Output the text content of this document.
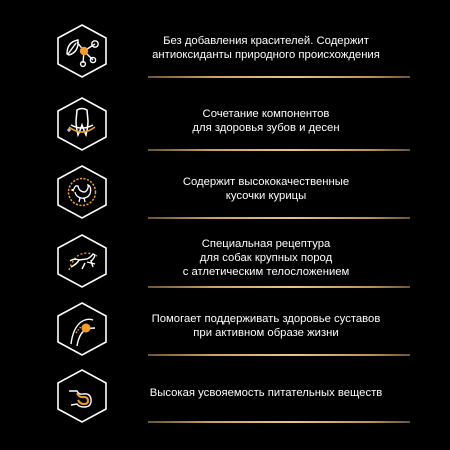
Без добавления красителей. Содержит
антиоксиданты природного происхождения
Сочетание компонентов
для здоровья зубов и десен
Содержит высококачественные
кусочки курицы
Специальная рецептура
для собак крупных пород
с атлетическим телосложением
Помогает поддерживать здоровье суставов
при активном образе жизни
Высокая усвояемость питательных веществ
